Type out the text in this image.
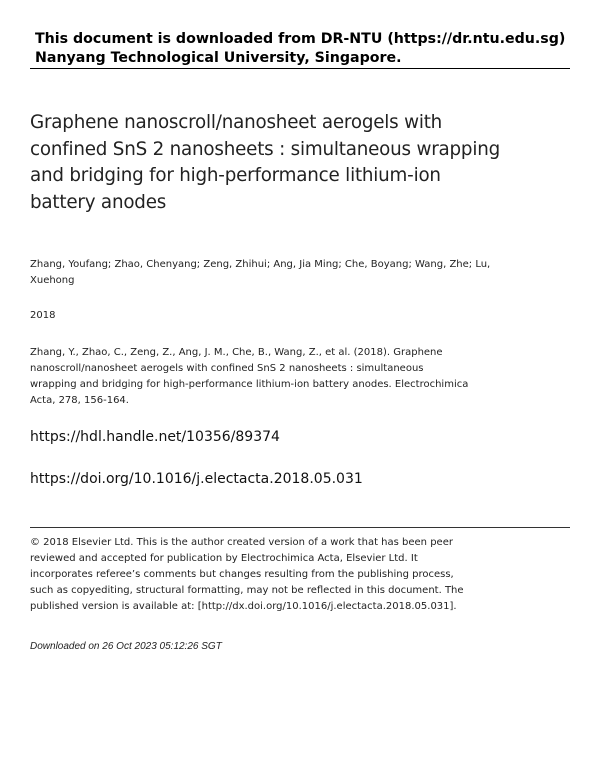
This document is downloaded from DR-NTU (https://dr.ntu.edu.sg)
Nanyang Technological University, Singapore.
Graphene nanoscroll/nanosheet aerogels with confined SnS 2 nanosheets : simultaneous wrapping and bridging for high-performance lithium-ion battery anodes
Zhang, Youfang; Zhao, Chenyang; Zeng, Zhihui; Ang, Jia Ming; Che, Boyang; Wang, Zhe; Lu, Xuehong
2018
Zhang, Y., Zhao, C., Zeng, Z., Ang, J. M., Che, B., Wang, Z., et al. (2018). Graphene nanoscroll/nanosheet aerogels with confined SnS 2 nanosheets : simultaneous wrapping and bridging for high-performance lithium-ion battery anodes. Electrochimica Acta, 278, 156-164.
https://hdl.handle.net/10356/89374
https://doi.org/10.1016/j.electacta.2018.05.031
© 2018 Elsevier Ltd. This is the author created version of a work that has been peer reviewed and accepted for publication by Electrochimica Acta, Elsevier Ltd. It incorporates referee’s comments but changes resulting from the publishing process, such as copyediting, structural formatting, may not be reflected in this document. The published version is available at: [http://dx.doi.org/10.1016/j.electacta.2018.05.031].
Downloaded on 26 Oct 2023 05:12:26 SGT
